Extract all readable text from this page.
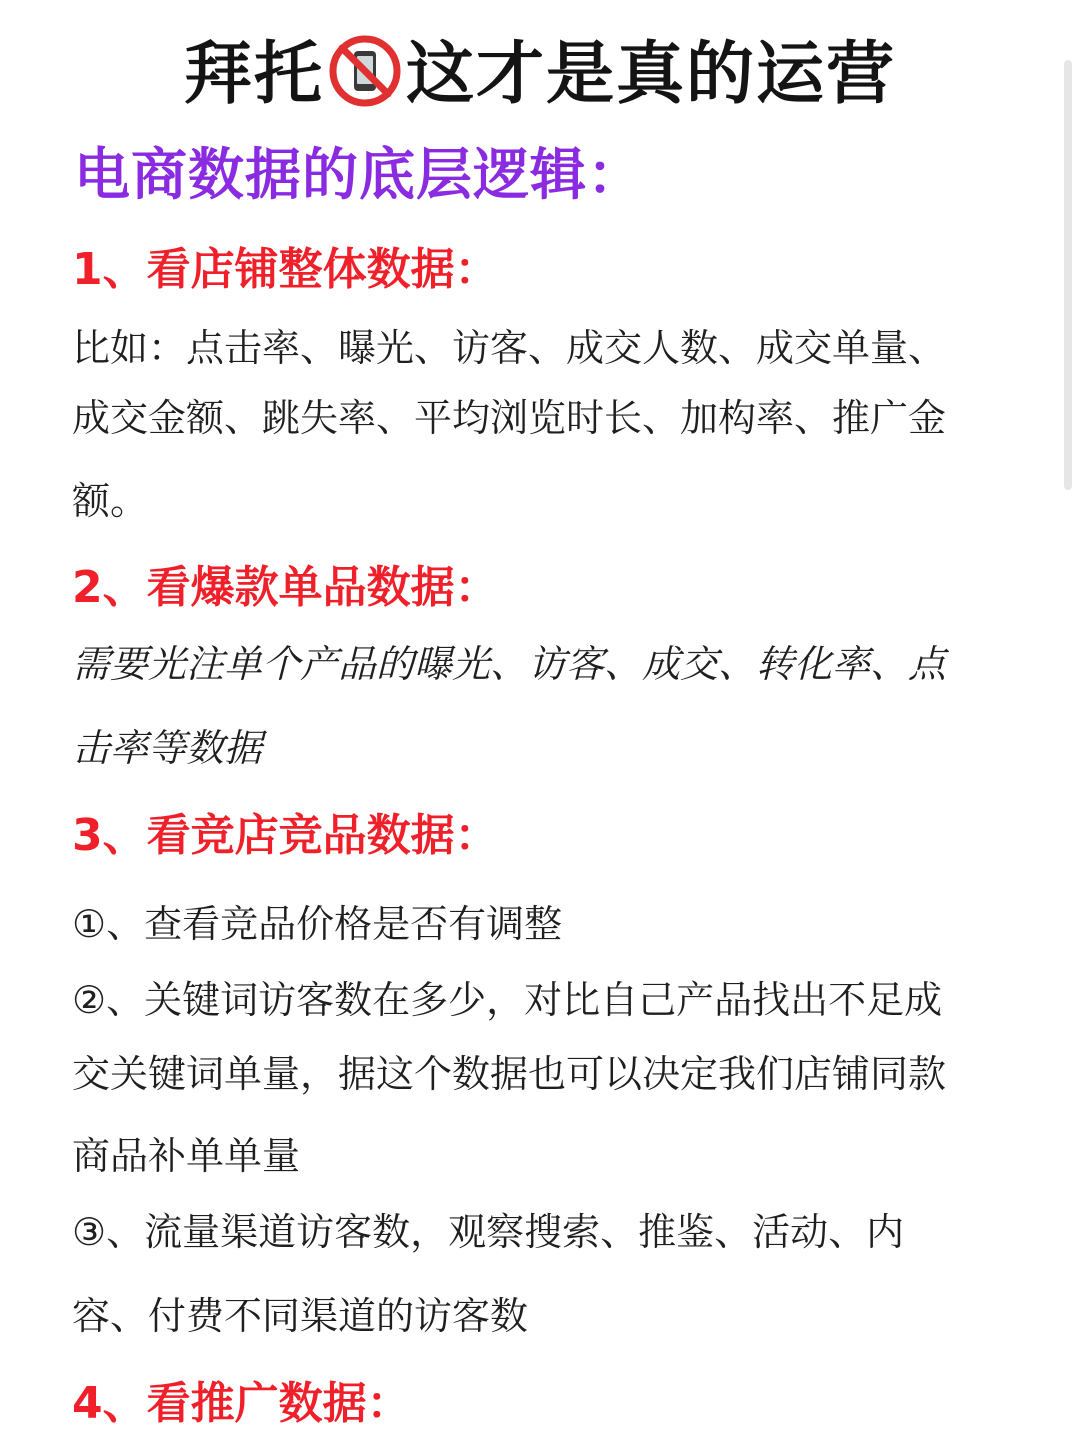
拜托 这才是真的运营
电商数据的底层逻辑：
1、看店铺整体数据：
比如：点击率、曝光、访客、成交人数、成交单量、
成交金额、跳失率、平均浏览时长、加构率、推广金
额。
2、看爆款单品数据：
需要光注单个产品的曝光、访客、成交、转化率、点
击率等数据
3、看竞店竞品数据：
①、查看竞品价格是否有调整
②、关键词访客数在多少，对比自己产品找出不足成
交关键词单量，据这个数据也可以决定我们店铺同款
商品补单单量
③、流量渠道访客数，观察搜索、推鉴、活动、内
容、付费不同渠道的访客数
4、看推广数据：
